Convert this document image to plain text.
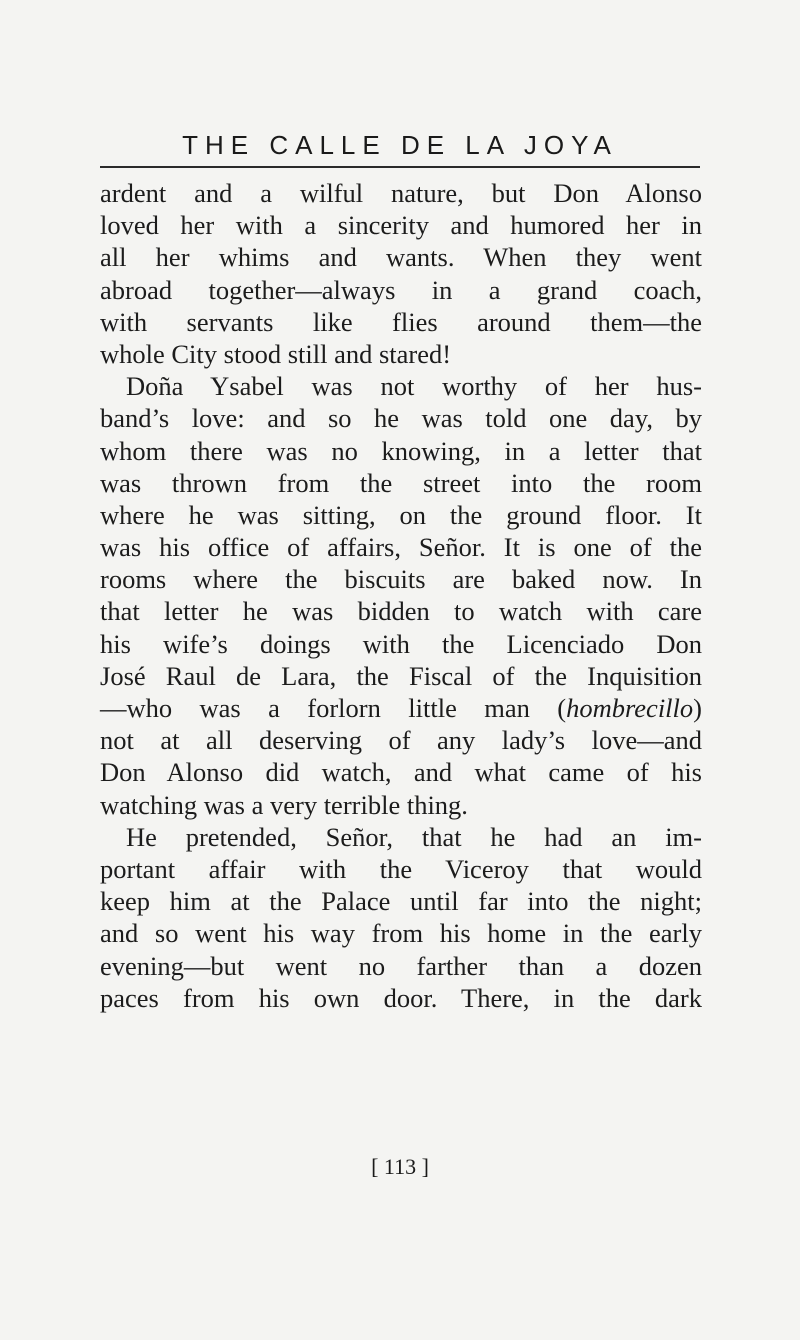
THE CALLE DE LA JOYA
ardent and a wilful nature, but Don Alonso
loved her with a sincerity and humored her in
all her whims and wants. When they went
abroad together—always in a grand coach,
with servants like flies around them—the
whole City stood still and stared!
Doña Ysabel was not worthy of her hus-
band’s love: and so he was told one day, by
whom there was no knowing, in a letter that
was thrown from the street into the room
where he was sitting, on the ground floor. It
was his office of affairs, Señor. It is one of the
rooms where the biscuits are baked now. In
that letter he was bidden to watch with care
his wife’s doings with the Licenciado Don
José Raul de Lara, the Fiscal of the Inquisition
—who was a forlorn little man (hombrecillo)
not at all deserving of any lady’s love—and
Don Alonso did watch, and what came of his
watching was a very terrible thing.
He pretended, Señor, that he had an im-
portant affair with the Viceroy that would
keep him at the Palace until far into the night;
and so went his way from his home in the early
evening—but went no farther than a dozen
paces from his own door. There, in the dark
[ 113 ]
